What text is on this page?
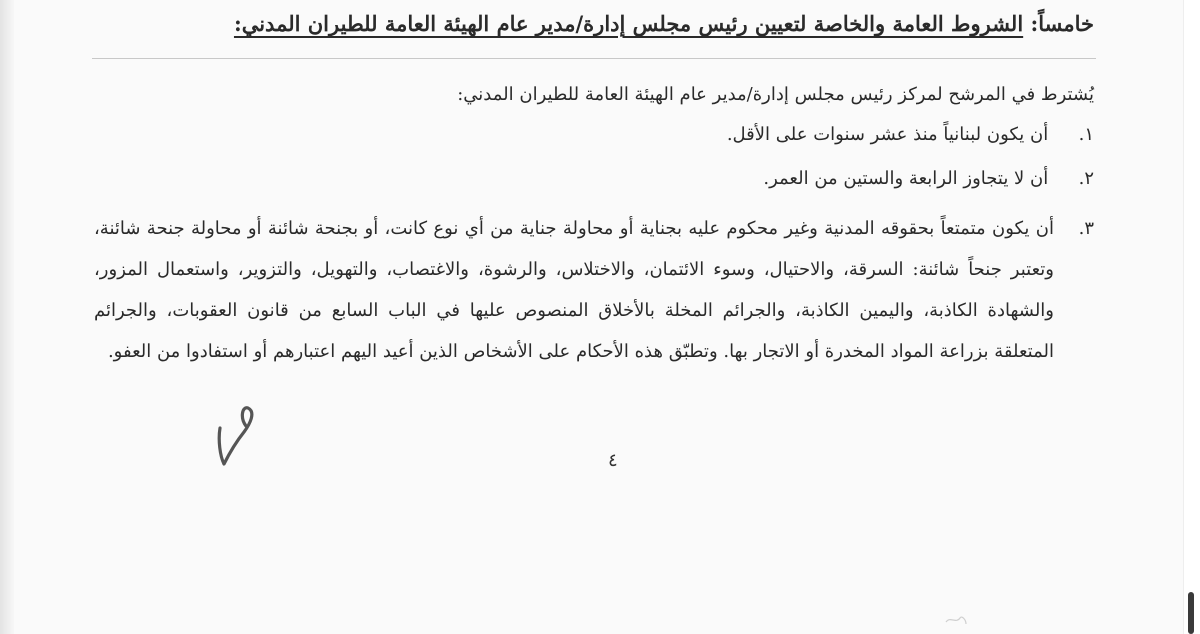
خامساً: الشروط العامة والخاصة لتعيين رئيس مجلس إدارة/مدير عام الهيئة العامة للطيران المدني:
يُشترط في المرشح لمركز رئيس مجلس إدارة/مدير عام الهيئة العامة للطيران المدني:
١. أن يكون لبنانياً منذ عشر سنوات على الأقل.
٢. أن لا يتجاوز الرابعة والستين من العمر.
٣.
أن يكون متمتعاً بحقوقه المدنية وغير محكوم عليه بجناية أو محاولة جناية من أي نوع كانت، أو بجنحة شائنة أو محاولة جنحة شائنة، وتعتبر جنحاً شائنة: السرقة، والاحتيال، وسوء الائتمان، والاختلاس، والرشوة، والاغتصاب، والتهويل، والتزوير، واستعمال المزور، والشهادة الكاذبة، واليمين الكاذبة، والجرائم المخلة بالأخلاق المنصوص عليها في الباب السابع من قانون العقوبات، والجرائم المتعلقة بزراعة المواد المخدرة أو الاتجار بها. وتطبّق هذه الأحكام على الأشخاص الذين أعيد اليهم اعتبارهم أو استفادوا من العفو.
٤
